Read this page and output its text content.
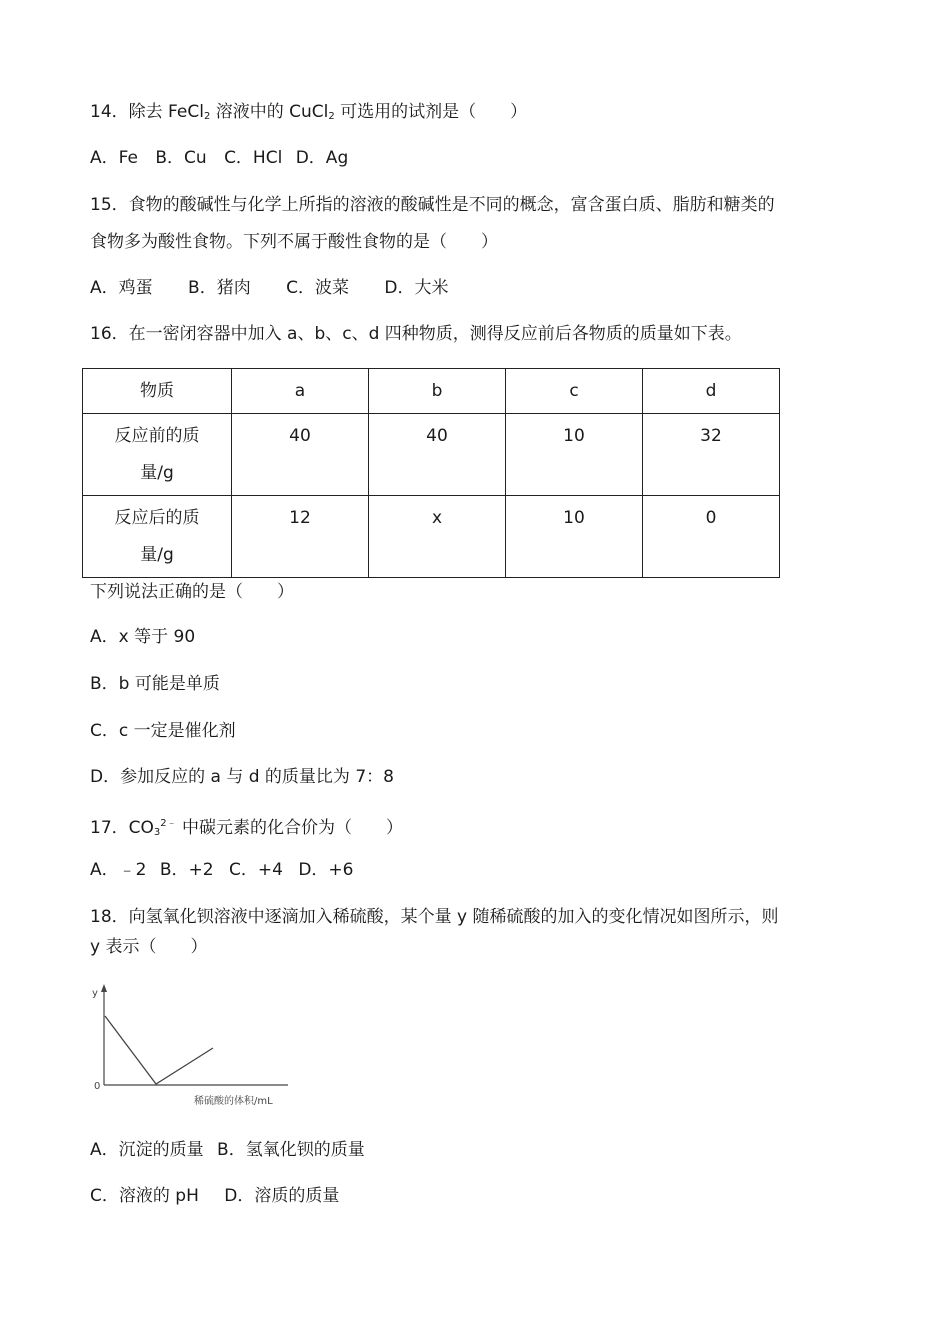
14．除去 FeCl$_2$ 溶液中的 CuCl$_2$ 可选用的试剂是（　　）
A．Fe B．Cu C．HCl D．Ag
15．食物的酸碱性与化学上所指的溶液的酸碱性是不同的概念，富含蛋白质、脂肪和糖类的
食物多为酸性食物。下列不属于酸性食物的是（　　）
A．鸡蛋 B．猪肉 C．波菜 D．大米
16．在一密闭容器中加入 a、b、c、d 四种物质，测得反应前后各物质的质量如下表。
物质	a	b	c	d

反应前的质
量/g	40	40	10	32

反应后的质
量/g	12	x	10	0
下列说法正确的是（　　）
A．x 等于 90
B．b 可能是单质
C．c 一定是催化剂
D．参加反应的 a 与 d 的质量比为 7：8
17．$CO_3^{2﹣}$ 中碳元素的化合价为（　　）
A．﹣2 B．+2 C．+4 D．+6
18．向氢氧化钡溶液中逐滴加入稀硫酸，某个量 y 随稀硫酸的加入的变化情况如图所示，则
y 表示（　　）
y
0
稀硫酸的体积/mL
A．沉淀的质量 B．氢氧化钡的质量
C．溶液的 pH D．溶质的质量
